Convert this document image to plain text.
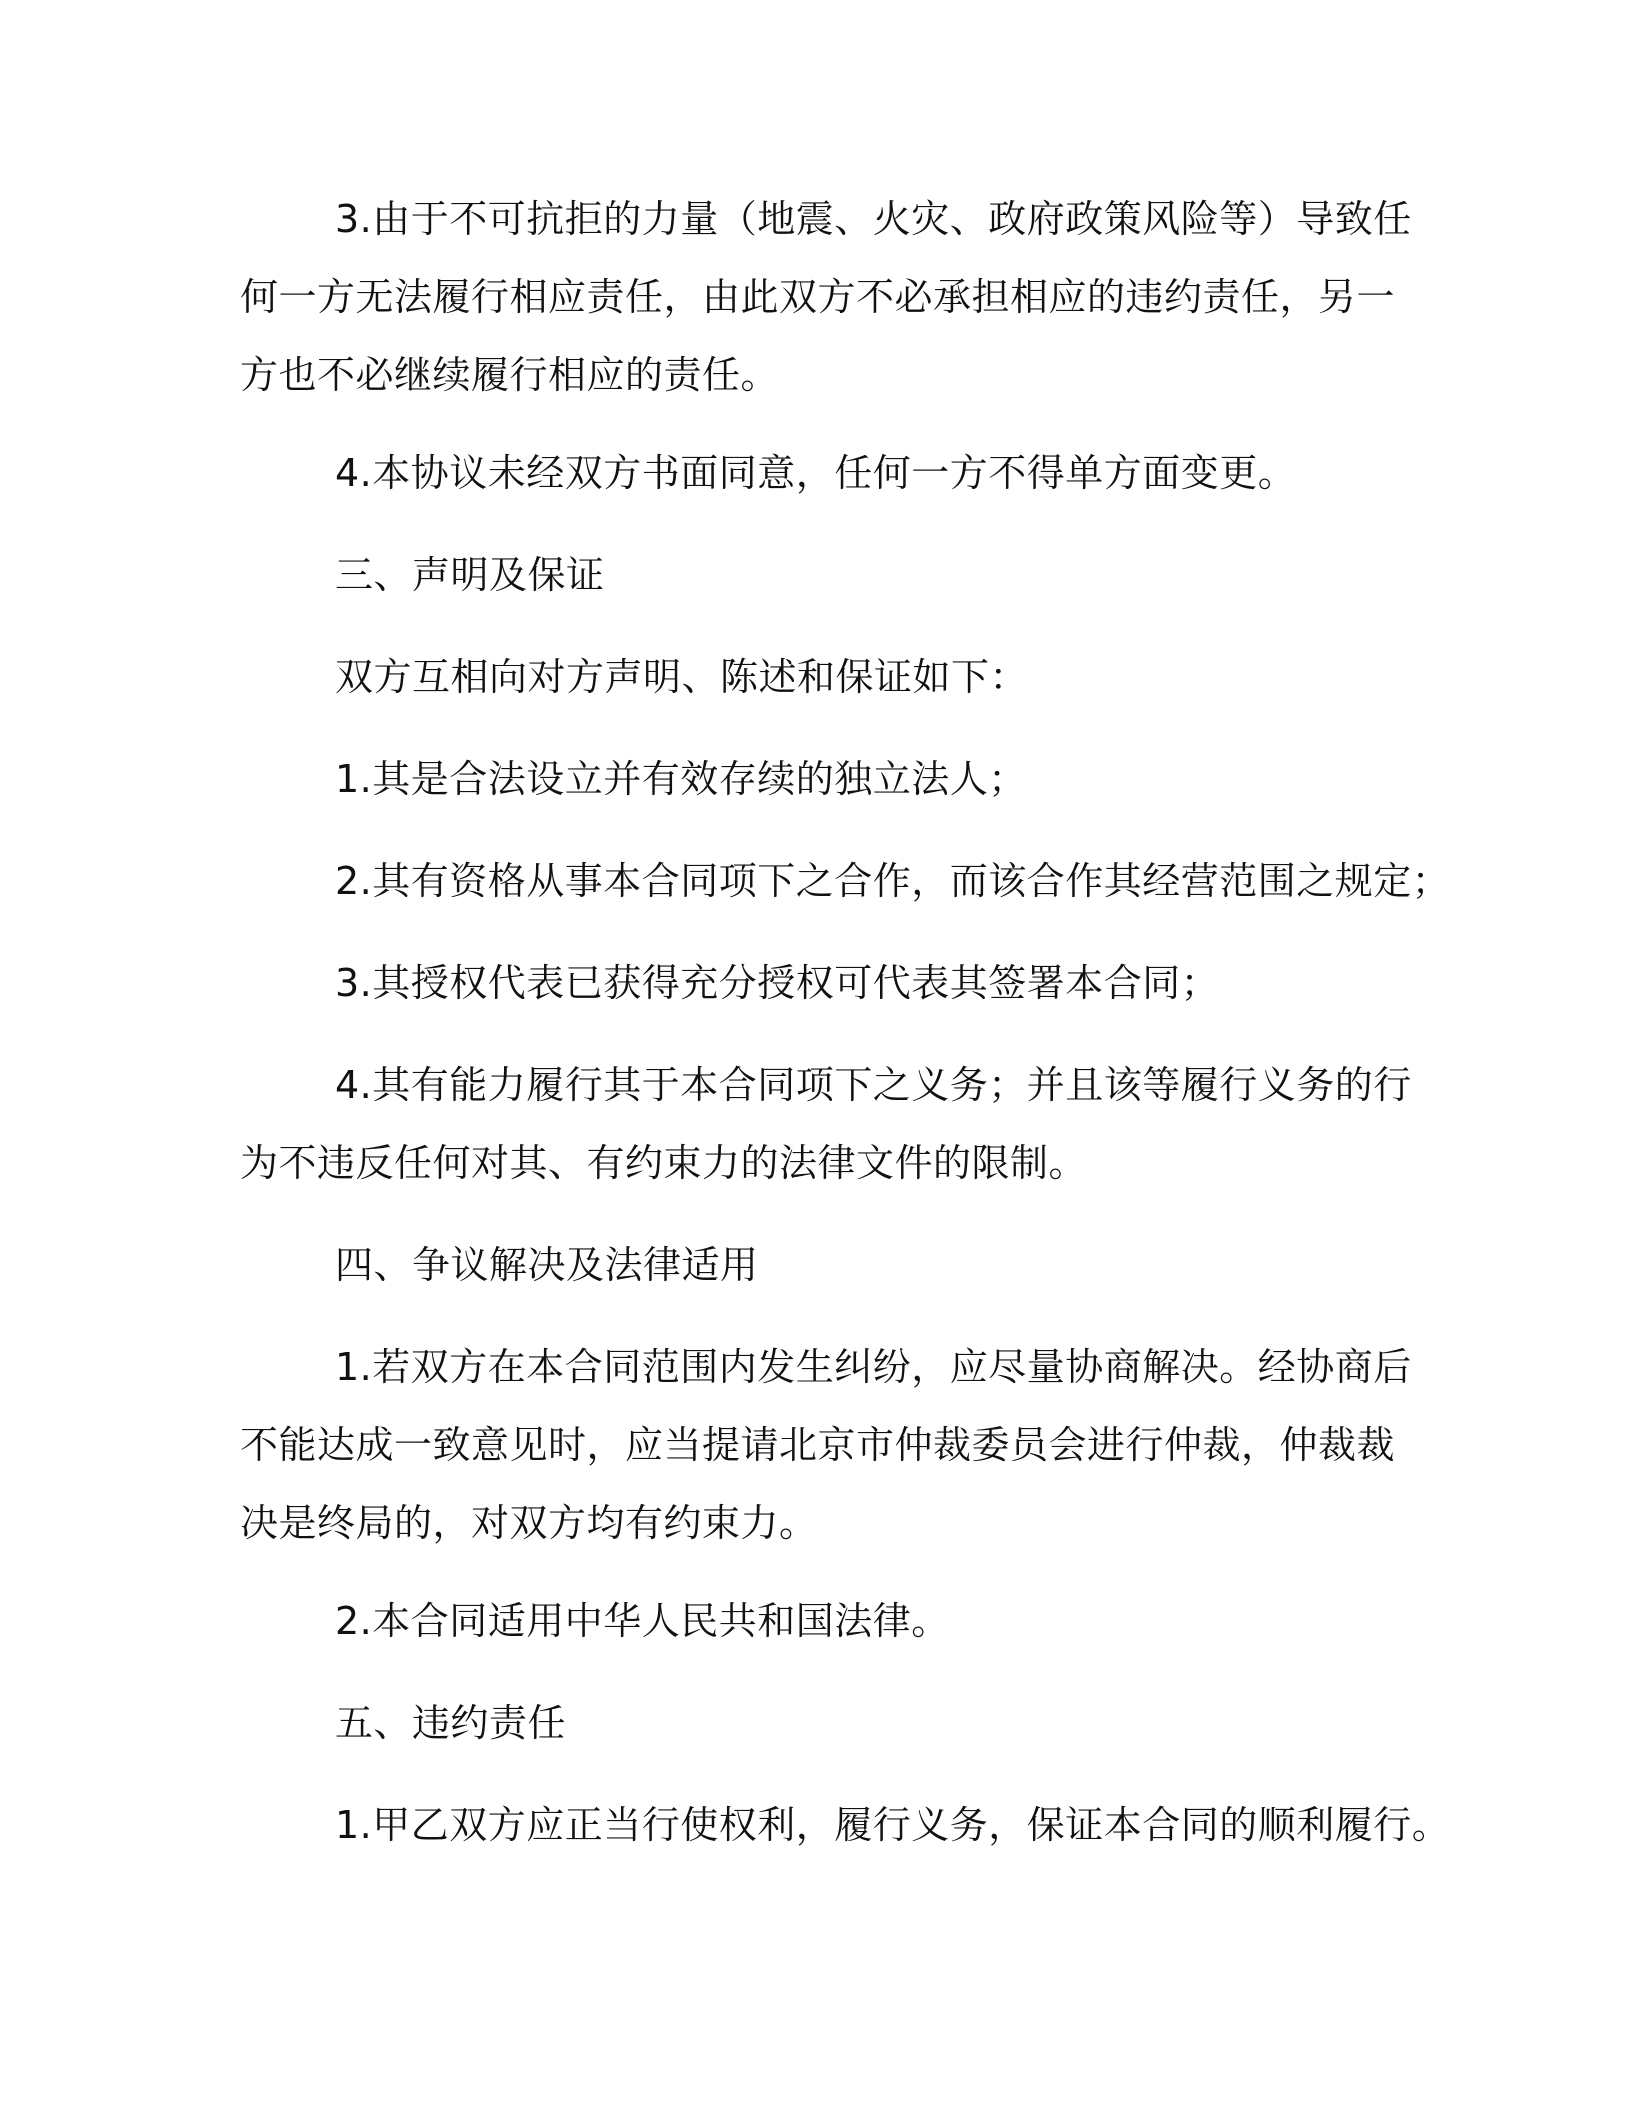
3.由于不可抗拒的力量（地震、火灾、政府政策风险等）导致任
何一方无法履行相应责任，由此双方不必承担相应的违约责任，另一
方也不必继续履行相应的责任。

4.本协议未经双方书面同意，任何一方不得单方面变更。

三、声明及保证

双方互相向对方声明、陈述和保证如下：

1.其是合法设立并有效存续的独立法人；

2.其有资格从事本合同项下之合作，而该合作其经营范围之规定；

3.其授权代表已获得充分授权可代表其签署本合同；

4.其有能力履行其于本合同项下之义务；并且该等履行义务的行
为不违反任何对其、有约束力的法律文件的限制。

四、争议解决及法律适用

1.若双方在本合同范围内发生纠纷，应尽量协商解决。经协商后
不能达成一致意见时，应当提请北京市仲裁委员会进行仲裁，仲裁裁
决是终局的，对双方均有约束力。

2.本合同适用中华人民共和国法律。

五、违约责任

1.甲乙双方应正当行使权利，履行义务，保证本合同的顺利履行。
